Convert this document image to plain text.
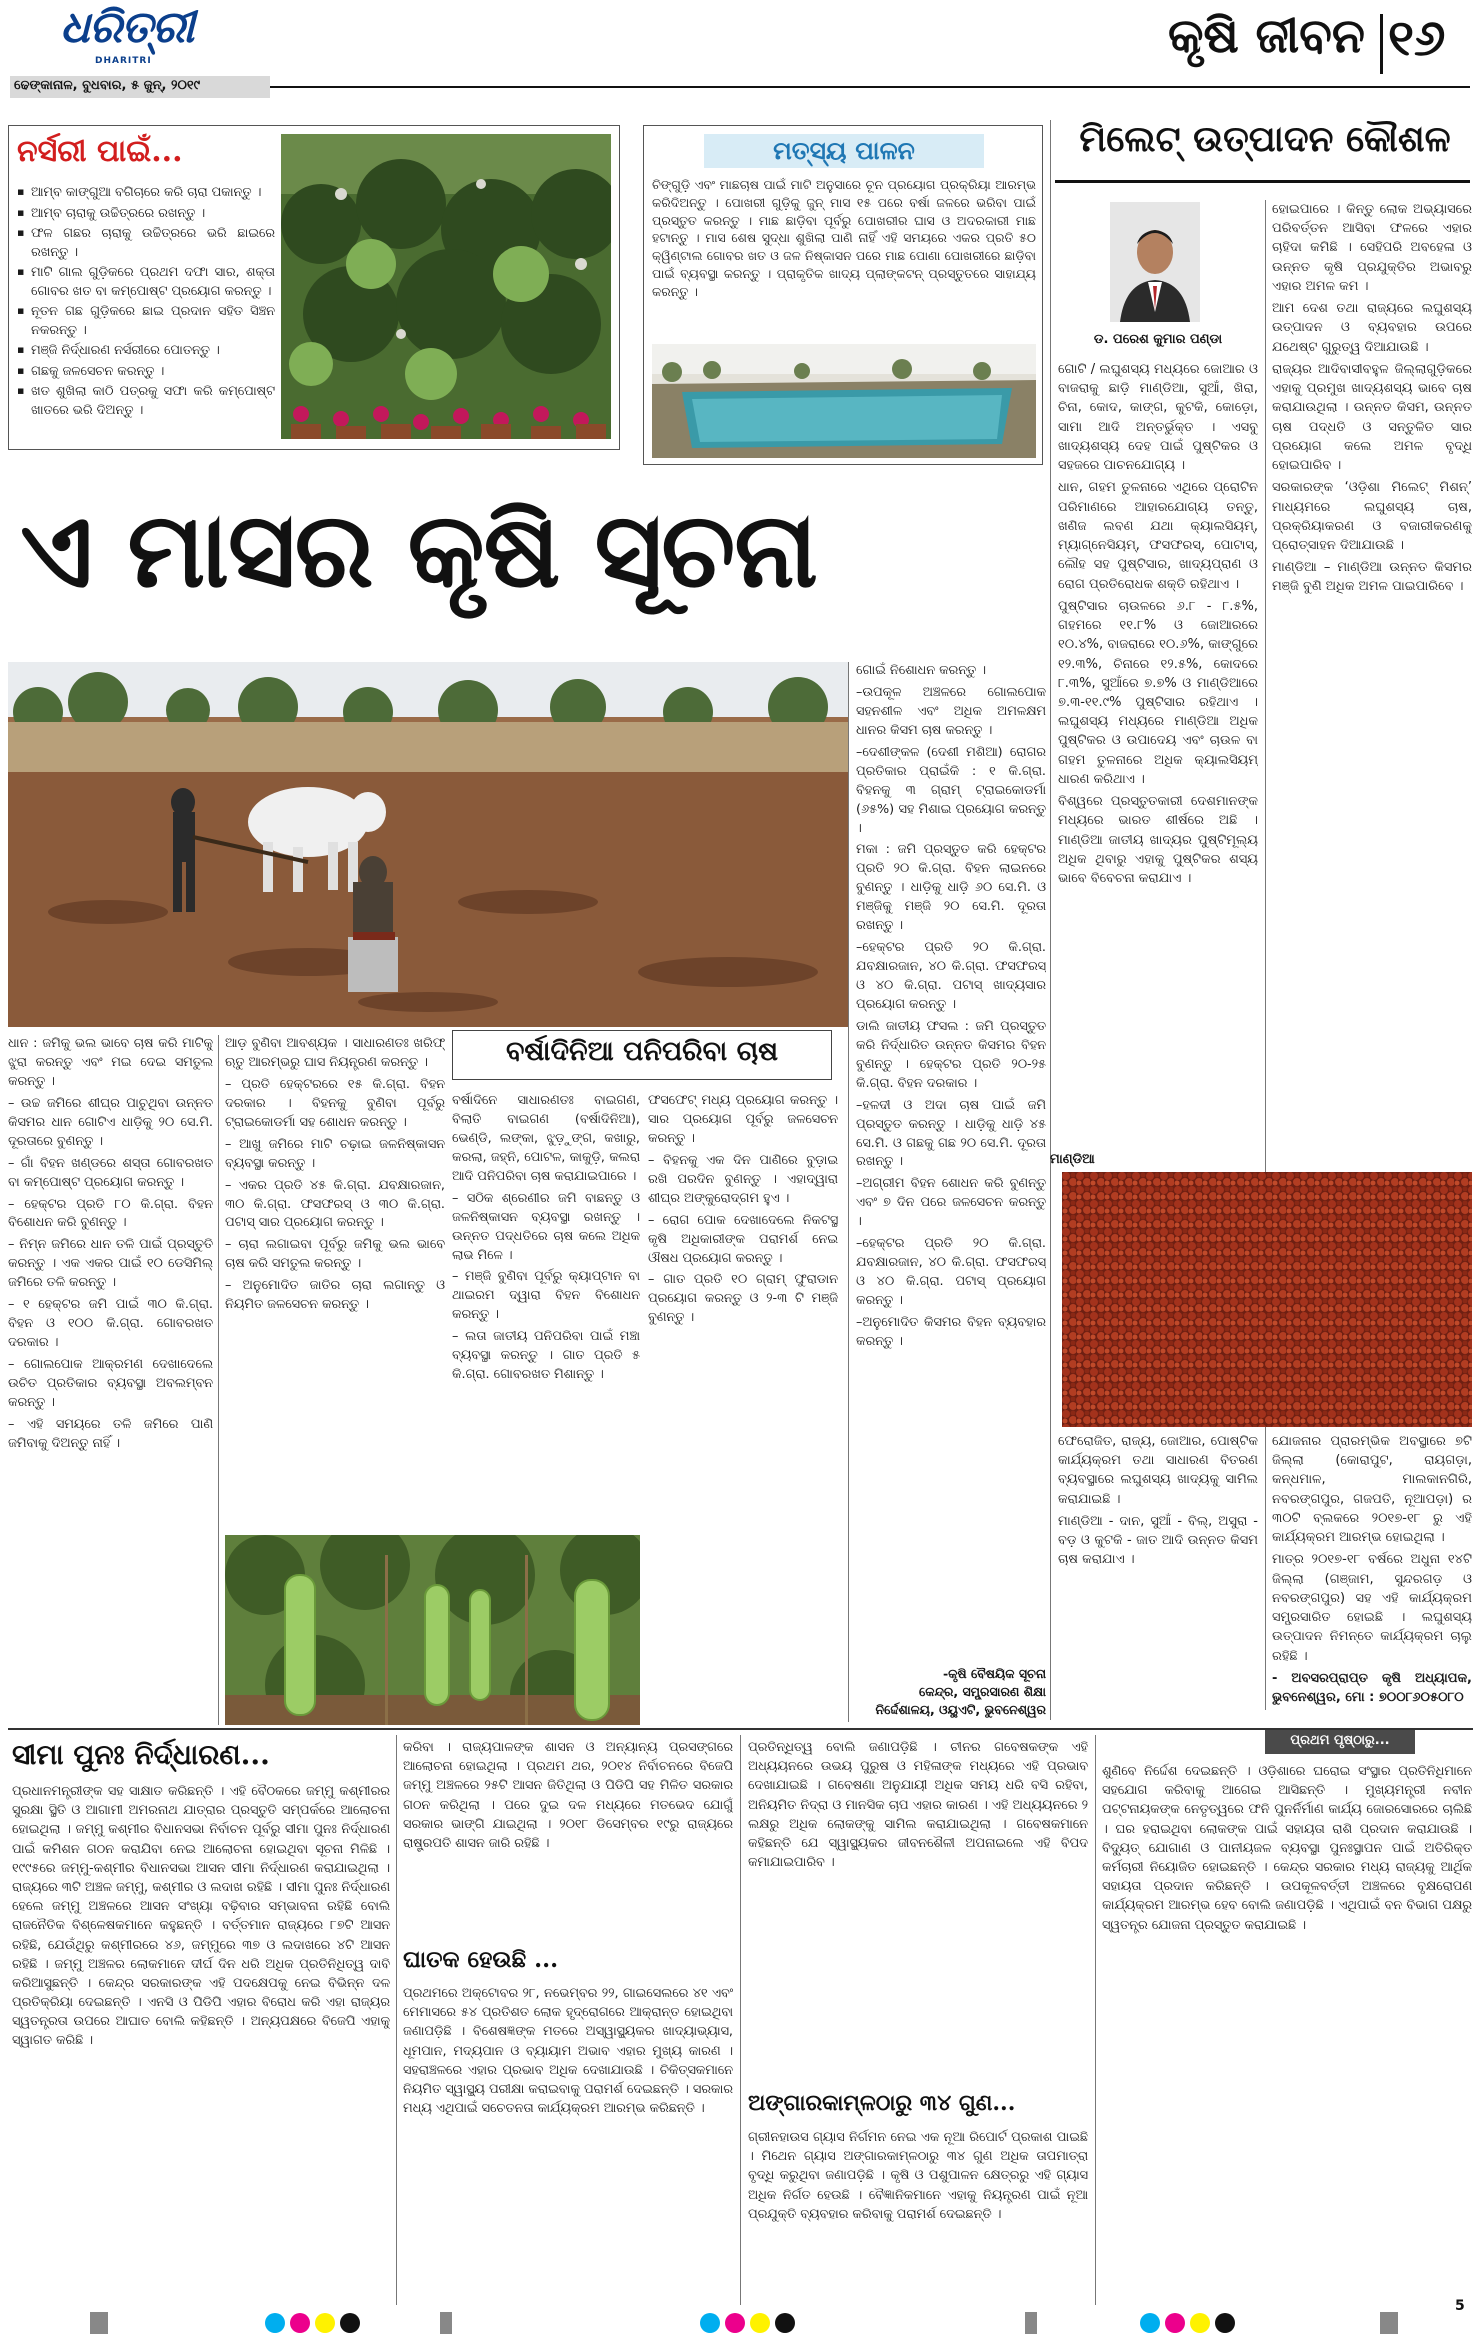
ଧରିତ୍ରୀ
DHARITRI
ଢେଙ୍କାନାଳ, ବୁଧବାର, ୫ ଜୁନ୍, ୨୦୧୯
କୃଷି ଜୀବନ ୧୬
ନର୍ସରୀ ପାଇଁ...
▪ ଆମ୍ବ କାଙ୍ଗୁଆ ବଗିଚାରେ କରି ଚାରା ପକାନ୍ତୁ ।
▪ ଆମ୍ବ ଚାରାକୁ ଉଚ୍ଚିତ୍ରରେ ରଖନ୍ତୁ ।
▪ ଫଳ ଗଛର ଚାରାକୁ ଉଚ୍ଚିତ୍ରରେ ଭରି ଛାଇରେ ରଖନ୍ତୁ ।
▪ ମାଟି ଗାଲ ଗୁଡ଼ିକରେ ପ୍ରଥମ ଦଫା ସାର, ଶକ୍ତା ଗୋବର ଖତ ବା କମ୍ପୋଷ୍ଟ ପ୍ରୟୋଗ କରନ୍ତୁ ।
▪ ନୂତନ ଗଛ ଗୁଡ଼ିକରେ ଛାଇ ପ୍ରଦାନ ସହିତ ସିଞ୍ଚନ ନକରନ୍ତୁ ।
▪ ମଞ୍ଜି ନିର୍ଦ୍ଧାରଣ ନର୍ସରୀରେ ପୋତନ୍ତୁ ।
▪ ଗଛକୁ ଜଳସେଚନ କରନ୍ତୁ ।
▪ ଖତ ଶୁଖିଲା କାଠି ପତ୍ରକୁ ସଫା କରି କମ୍ପୋଷ୍ଟ ଖାତରେ ଭରି ଦିଅନ୍ତୁ ।
ମତ୍ସ୍ୟ ପାଳନ
ଚିଙ୍ଗୁଡ଼ି ଏବଂ ମାଛଚାଷ ପାଇଁ ମାଟି ଅନୁସାରେ ଚୂନ ପ୍ରୟୋଗ ପ୍ରକ୍ରିୟା ଆରମ୍ଭ କରିଦିଅନ୍ତୁ । ପୋଖରୀ ଗୁଡ଼ିକୁ ଜୁନ୍ ମାସ ୧୫ ପରେ ବର୍ଷା ଜଳରେ ଭରିବା ପାଇଁ ପ୍ରସ୍ତୁତ କରନ୍ତୁ । ମାଛ ଛାଡ଼ିବା ପୂର୍ବରୁ ପୋଖରୀର ଘାସ ଓ ଅଦରକାରୀ ମାଛ ହଟାନ୍ତୁ । ମାସ ଶେଷ ସୁଦ୍ଧା ଶୁଖିଲା ପାଣି ନାହିଁ ଏହି ସମୟରେ ଏକର ପ୍ରତି ୫୦ କ୍ୱିଣ୍ଟାଲ ଗୋବର ଖତ ଓ ଜଳ ନିଷ୍କାସନ ପରେ ମାଛ ପୋଣା ପୋଖରୀରେ ଛାଡ଼ିବା ପାଇଁ ବ୍ୟବସ୍ଥା କରନ୍ତୁ । ପ୍ରାକୃତିକ ଖାଦ୍ୟ ପ୍ଲାଙ୍କଟନ୍ ପ୍ରସ୍ତୁତରେ ସାହାଯ୍ୟ କରନ୍ତୁ ।
ମିଲେଟ୍ ଉତ୍ପାଦନ କୌଶଳ
ଡ. ପରେଶ କୁମାର ପଣ୍ଡା

ଗୋଟି / ଲଘୁଶସ୍ୟ ମଧ୍ୟରେ ଜୋଆର ଓ ବାଜରାକୁ ଛାଡ଼ି ମାଣ୍ଡିଆ, ସୁଆଁ, ଖିରା, ଚିନା, କୋଦ, କାଙ୍ଗ, କୁଟକି, କୋଡ଼ୋ, ସାମା ଆଦି ଅନ୍ତର୍ଭୁକ୍ତ । ଏସବୁ ଖାଦ୍ୟଶସ୍ୟ ଦେହ ପାଇଁ ପୁଷ୍ଟିକର ଓ ସହଜରେ ପାଚନଯୋଗ୍ୟ ।

ଧାନ, ଗହମ ତୁଳନାରେ ଏଥିରେ ପ୍ରୋଟିନ ପରିମାଣରେ ଆହାରଯୋଗ୍ୟ ତନ୍ତୁ, ଖଣିଜ ଲବଣ ଯଥା କ୍ୟାଲସିୟମ୍, ମ୍ୟାଗ୍ନେସିୟମ୍, ଫସଫରସ୍, ପୋଟାସ୍, ଲୌହ ସହ ପୁଷ୍ଟିସାର, ଖାଦ୍ୟପ୍ରାଣ ଓ ରୋଗ ପ୍ରତିରୋଧକ ଶକ୍ତି ରହିଥାଏ ।

ପୁଷ୍ଟିସାର ଚାଉଳରେ ୬.୮ - ୮.୫%, ଗହମରେ ୧୧.୮% ଓ ଜୋଆରରେ ୧୦.୪%, ବାଜରାରେ ୧୦.୬%, କାଙ୍ଗୁରେ ୧୨.୩%, ଚିନାରେ ୧୨.୫%, କୋଦରେ ୮.୩%, ସୁଆଁରେ ୭.୭% ଓ ମାଣ୍ଡିଆରେ ୭.୩-୧୧.୯% ପୁଷ୍ଟିସାର ରହିଥାଏ । ଲଘୁଶସ୍ୟ ମଧ୍ୟରେ ମାଣ୍ଡିଆ ଅଧିକ ପୁଷ୍ଟିକର ଓ ଉପାଦେୟ ଏବଂ ଚାଉଳ ବା ଗହମ ତୁଳନାରେ ଅଧିକ କ୍ୟାଲସିୟମ୍ ଧାରଣ କରିଥାଏ ।

ବିଶ୍ୱରେ ପ୍ରସ୍ତୁତକାରୀ ଦେଶମାନଙ୍କ ମଧ୍ୟରେ ଭାରତ ଶୀର୍ଷରେ ଅଛି । ମାଣ୍ଡିଆ ଜାତୀୟ ଖାଦ୍ୟର ପୁଷ୍ଟିମୂଲ୍ୟ ଅଧିକ ଥିବାରୁ ଏହାକୁ ପୁଷ୍ଟିକର ଶସ୍ୟ ଭାବେ ବିବେଚନା କରାଯାଏ ।

ହୋଇପାରେ । କିନ୍ତୁ ଲୋକ ଅଭ୍ୟାସରେ ପରିବର୍ତ୍ତନ ଆସିବା ଫଳରେ ଏହାର ଚାହିଦା କମିଛି । ସେହିପରି ଅବହେଳା ଓ ଉନ୍ନତ କୃଷି ପ୍ରଯୁକ୍ତିର ଅଭାବରୁ ଏହାର ଅମଳ କମ ।

ଆମ ଦେଶ ତଥା ରାଜ୍ୟରେ ଲଘୁଶସ୍ୟ ଉତ୍ପାଦନ ଓ ବ୍ୟବହାର ଉପରେ ଯଥେଷ୍ଟ ଗୁରୁତ୍ୱ ଦିଆଯାଉଛି ।

ରାଜ୍ୟର ଆଦିବାସୀବହୁଳ ଜିଲ୍ଲାଗୁଡ଼ିକରେ ଏହାକୁ ପ୍ରମୁଖ ଖାଦ୍ୟଶସ୍ୟ ଭାବେ ଚାଷ କରାଯାଉଥିଲା । ଉନ୍ନତ କିସମ, ଉନ୍ନତ ଚାଷ ପଦ୍ଧତି ଓ ସନ୍ତୁଳିତ ସାର ପ୍ରୟୋଗ କଲେ ଅମଳ ବୃଦ୍ଧି ହୋଇପାରିବ ।

ସରକାରଙ୍କ ‘ଓଡ଼ିଶା ମିଲେଟ୍ ମିଶନ୍’ ମାଧ୍ୟମରେ ଲଘୁଶସ୍ୟ ଚାଷ, ପ୍ରକ୍ରିୟାକରଣ ଓ ବଜାରୀକରଣକୁ ପ୍ରୋତ୍ସାହନ ଦିଆଯାଉଛି ।

ମାଣ୍ଡିଆ – ମାଣ୍ଡିଆ ଉନ୍ନତ କିସମର ମଞ୍ଜି ବୁଣି ଅଧିକ ଅମଳ ପାଇପାରିବେ ।

ମାଣ୍ଡିଆ

ଫେରୋଜିତ, ରାଜ୍ୟ, ଜୋଆର, ପୋଷ୍ଟିକ କାର୍ଯ୍ୟକ୍ରମ ତଥା ସାଧାରଣ ବିତରଣ ବ୍ୟବସ୍ଥାରେ ଲଘୁଶସ୍ୟ ଖାଦ୍ୟକୁ ସାମିଲ କରାଯାଇଛି ।

ମାଣ୍ଡିଆ - ଦାନ, ସୁଆଁ - ବିଲ୍, ଅସୁରା - ବଡ଼ ଓ କୁଟକି - ଜାତ ଆଦି ଉନ୍ନତ କିସମ ଚାଷ କରାଯାଏ ।

ଯୋଜନାର ପ୍ରାରମ୍ଭିକ ଅବସ୍ଥାରେ ୭ଟି ଜିଲ୍ଲା (କୋରାପୁଟ, ରାୟଗଡ଼ା, କନ୍ଧମାଳ, ମାଲକାନଗିରି, ନବରଙ୍ଗପୁର, ଗଜପତି, ନୂଆପଡ଼ା) ର ୩୦ଟି ବ୍ଲକରେ ୨୦୧୭-୧୮ ରୁ ଏହି କାର୍ଯ୍ୟକ୍ରମ ଆରମ୍ଭ ହୋଇଥିଲା ।

ମାତ୍ର ୨୦୧୭-୧୮ ବର୍ଷରେ ଅଧୁନା ୧୪ଟି ଜିଲ୍ଲା (ଗଞ୍ଜାମ, ସୁନ୍ଦରଗଡ଼ ଓ ନବରଙ୍ଗପୁର) ସହ ଏହି କାର୍ଯ୍ୟକ୍ରମ ସମ୍ପ୍ରସାରିତ ହୋଇଛି । ଲଘୁଶସ୍ୟ ଉତ୍ପାଦନ ନିମନ୍ତେ କାର୍ଯ୍ୟକ୍ରମ ଚାଲୁ ରହିଛି ।

- ଅବସରପ୍ରାପ୍ତ କୃଷି ଅଧ୍ୟାପକ, ଭୁବନେଶ୍ୱର, ମୋ : ୭୦୦୮୬୦୫୦୮୦

ଏ ମାସର କୃଷି ସୂଚନା

ଗୋଇଁ ନିଶୋଧନ କରନ୍ତୁ ।

–ଉପକୂଳ ଅଞ୍ଚଳରେ ଗୋଲପୋକ ସହନଶୀଳ ଏବଂ ଅଧିକ ଅମଳକ୍ଷମ ଧାନର କିସମ ଚାଷ କରନ୍ତୁ ।

–ଦେଶୀଙ୍କଳ (ଦେଶୀ ମଶିଆ) ରୋଗର ପ୍ରତିକାର ପ୍ରାଇଁକି : ୧ କି.ଗ୍ରା. ବିହନକୁ ୩ ଗ୍ରାମ୍ ଟ୍ରାଇକୋଡର୍ମା (୬୫%) ସହ ମିଶାଇ ପ୍ରୟୋଗ କରନ୍ତୁ ।

ମକା : ଜମି ପ୍ରସ୍ତୁତ କରି ହେକ୍ଟର ପ୍ରତି ୨୦ କି.ଗ୍ରା. ବିହନ ଲାଇନରେ ବୁଣନ୍ତୁ । ଧାଡ଼ିକୁ ଧାଡ଼ି ୬୦ ସେ.ମି. ଓ ମଞ୍ଜିକୁ ମଞ୍ଜି ୨୦ ସେ.ମି. ଦୂରତା ରଖନ୍ତୁ ।

–ହେକ୍ଟର ପ୍ରତି ୨୦ କି.ଗ୍ରା. ଯବକ୍ଷାରଜାନ, ୪୦ କି.ଗ୍ରା. ଫସଫରସ୍ ଓ ୪୦ କି.ଗ୍ରା. ପଟାସ୍ ଖାଦ୍ୟସାର ପ୍ରୟୋଗ କରନ୍ତୁ ।

ଡାଲି ଜାତୀୟ ଫସଲ : ଜମି ପ୍ରସ୍ତୁତ କରି ନିର୍ଦ୍ଧାରିତ ଉନ୍ନତ କିସମର ବିହନ ବୁଣନ୍ତୁ । ହେକ୍ଟର ପ୍ରତି ୨୦-୨୫ କି.ଗ୍ରା. ବିହନ ଦରକାର ।

–ହଳଦୀ ଓ ଅଦା ଚାଷ ପାଇଁ ଜମି ପ୍ରସ୍ତୁତ କରନ୍ତୁ । ଧାଡ଼ିକୁ ଧାଡ଼ି ୪୫ ସେ.ମି. ଓ ଗଛକୁ ଗଛ ୨୦ ସେ.ମି. ଦୂରତା ରଖନ୍ତୁ ।

–ଅଗ୍ରୀମ ବିହନ ଶୋଧନ କରି ବୁଣନ୍ତୁ ଏବଂ ୭ ଦିନ ପରେ ଜଳସେଚନ କରନ୍ତୁ ।

–ହେକ୍ଟର ପ୍ରତି ୨୦ କି.ଗ୍ରା. ଯବକ୍ଷାରଜାନ, ୪୦ କି.ଗ୍ରା. ଫସଫରସ୍ ଓ ୪୦ କି.ଗ୍ରା. ପଟାସ୍ ପ୍ରୟୋଗ କରନ୍ତୁ ।

–ଅନୁମୋଦିତ କିସମର ବିହନ ବ୍ୟବହାର କରନ୍ତୁ ।

-କୃଷି ବୈଷୟିକ ସୂଚନା
କେନ୍ଦ୍ର, ସମ୍ପ୍ରସାରଣ ଶିକ୍ଷା ନିର୍ଦ୍ଦେଶାଳୟ, ଓୟୁଏଟି, ଭୁବନେଶ୍ୱର

ଧାନ : ଜମିକୁ ଭଲ ଭାବେ ଚାଷ କରି ମାଟିକୁ ଝୁରା କରନ୍ତୁ ଏବଂ ମଇ ଦେଇ ସମତୁଲ କରନ୍ତୁ ।

– ଉଚ୍ଚ ଜମିରେ ଶୀଘ୍ର ପାଚୁଥିବା ଉନ୍ନତ କିସମର ଧାନ ଗୋଟିଏ ଧାଡ଼ିକୁ ୨୦ ସେ.ମି. ଦୂରତାରେ ବୁଣନ୍ତୁ ।

– ଗାଁ ବିହନ ଖଣ୍ଡରେ ଶସ୍ତା ଗୋବରଖତ ବା କମ୍ପୋଷ୍ଟ ପ୍ରୟୋଗ କରନ୍ତୁ ।

– ହେକ୍ଟର ପ୍ରତି ୮୦ କି.ଗ୍ରା. ବିହନ ବିଶୋଧନ କରି ବୁଣନ୍ତୁ ।

– ନିମ୍ନ ଜମିରେ ଧାନ ତଳି ପାଇଁ ପ୍ରସ୍ତୁତି କରନ୍ତୁ । ଏକ ଏକର ପାଇଁ ୧୦ ଡେସିମିଲ୍ ଜମିରେ ତଳି କରନ୍ତୁ ।

– ୧ ହେକ୍ଟର ଜମି ପାଇଁ ୩୦ କି.ଗ୍ରା. ବିହନ ଓ ୧୦୦ କି.ଗ୍ରା. ଗୋବରଖତ ଦରକାର ।

– ଗୋଲପୋକ ଆକ୍ରମଣ ଦେଖାଦେଲେ ଉଚିତ ପ୍ରତିକାର ବ୍ୟବସ୍ଥା ଅବଲମ୍ବନ କରନ୍ତୁ ।

– ଏହି ସମୟରେ ତଳି ଜମିରେ ପାଣି ଜମିବାକୁ ଦିଅନ୍ତୁ ନାହିଁ ।

ଆଡ଼ ବୁଣିବା ଆବଶ୍ୟକ । ସାଧାରଣତଃ ଖରିଫ୍ ଋତୁ ଆରମ୍ଭରୁ ଘାସ ନିୟନ୍ତ୍ରଣ କରନ୍ତୁ ।

– ପ୍ରତି ହେକ୍ଟରରେ ୧୫ କି.ଗ୍ରା. ବିହନ ଦରକାର । ବିହନକୁ ବୁଣିବା ପୂର୍ବରୁ ଟ୍ରାଇକୋଡର୍ମା ସହ ଶୋଧନ କରନ୍ତୁ ।

– ଆଖୁ ଜମିରେ ମାଟି ଚଢ଼ାଇ ଜଳନିଷ୍କାସନ ବ୍ୟବସ୍ଥା କରନ୍ତୁ ।

– ଏକର ପ୍ରତି ୪୫ କି.ଗ୍ରା. ଯବକ୍ଷାରଜାନ, ୩୦ କି.ଗ୍ରା. ଫସଫରସ୍ ଓ ୩୦ କି.ଗ୍ରା. ପଟାସ୍ ସାର ପ୍ରୟୋଗ କରନ୍ତୁ ।

– ଚାରା ଲଗାଇବା ପୂର୍ବରୁ ଜମିକୁ ଭଲ ଭାବେ ଚାଷ କରି ସମତୁଲ କରନ୍ତୁ ।

– ଅନୁମୋଦିତ ଜାତିର ଚାରା ଲଗାନ୍ତୁ ଓ ନିୟମିତ ଜଳସେଚନ କରନ୍ତୁ ।

ବର୍ଷାଦିନିଆ ପନିପରିବା ଚାଷ

ବର୍ଷାଦିନେ ସାଧାରଣତଃ ବାଇଗଣ, ବିଲାତି ବାଇଗଣ (ବର୍ଷାଦିନିଆ), ଭେଣ୍ଡି, ଲଙ୍କା, ଝୁଡ଼ୁଙ୍ଗ, କଖାରୁ, କରଲା, ଜହ୍ନି, ପୋଟଳ, କାକୁଡ଼ି, କଲରା ଆଦି ପନିପରିବା ଚାଷ କରାଯାଇପାରେ ।

– ସଠିକ ଶ୍ରେଣୀର ଜମି ବାଛନ୍ତୁ ଓ ଜଳନିଷ୍କାସନ ବ୍ୟବସ୍ଥା ରଖନ୍ତୁ । ଉନ୍ନତ ପଦ୍ଧତିରେ ଚାଷ କଲେ ଅଧିକ ଲାଭ ମିଳେ ।

– ମଞ୍ଜି ବୁଣିବା ପୂର୍ବରୁ କ୍ୟାପ୍ଟାନ ବା ଥାଇରମ ଦ୍ୱାରା ବିହନ ବିଶୋଧନ କରନ୍ତୁ ।

– ଲତା ଜାତୀୟ ପନିପରିବା ପାଇଁ ମଞ୍ଚା ବ୍ୟବସ୍ଥା କରନ୍ତୁ । ଗାତ ପ୍ରତି ୫ କି.ଗ୍ରା. ଗୋବରଖତ ମିଶାନ୍ତୁ ।

ଫସଫେଟ୍ ମଧ୍ୟ ପ୍ରୟୋଗ କରନ୍ତୁ । ସାର ପ୍ରୟୋଗ ପୂର୍ବରୁ ଜଳସେଚନ କରନ୍ତୁ ।

– ବିହନକୁ ଏକ ଦିନ ପାଣିରେ ବୁଡ଼ାଇ ରଖି ପରଦିନ ବୁଣନ୍ତୁ । ଏହାଦ୍ୱାରା ଶୀଘ୍ର ଅଙ୍କୁରୋଦ୍ଗମ ହୁଏ ।

– ରୋଗ ପୋକ ଦେଖାଦେଲେ ନିକଟସ୍ଥ କୃଷି ଅଧିକାରୀଙ୍କ ପରାମର୍ଶ ନେଇ ଔଷଧ ପ୍ରୟୋଗ କରନ୍ତୁ ।

– ଗାତ ପ୍ରତି ୧୦ ଗ୍ରାମ୍ ଫୁରାଡାନ ପ୍ରୟୋଗ କରନ୍ତୁ ଓ ୨-୩ ଟି ମଞ୍ଜି ବୁଣନ୍ତୁ ।

ସୀମା ପୁନଃ ନିର୍ଦ୍ଧାରଣ...
ପ୍ରଧାନମନ୍ତ୍ରୀଙ୍କ ସହ ସାକ୍ଷାତ କରିଛନ୍ତି । ଏହି ବୈଠକରେ ଜମ୍ମୁ କଶ୍ମୀରର ସୁରକ୍ଷା ସ୍ଥିତି ଓ ଆଗାମୀ ଅମରନାଥ ଯାତ୍ରାର ପ୍ରସ୍ତୁତି ସମ୍ପର୍କରେ ଆଲୋଚନା ହୋଇଥିଲା । ଜମ୍ମୁ କଶ୍ମୀର ବିଧାନସଭା ନିର୍ବାଚନ ପୂର୍ବରୁ ସୀମା ପୁନଃ ନିର୍ଦ୍ଧାରଣ ପାଇଁ କମିଶନ ଗଠନ କରାଯିବା ନେଇ ଆଲୋଚନା ହୋଇଥିବା ସୂଚନା ମିଳିଛି । ୧୯୯୫ରେ ଜମ୍ମୁ-କଶ୍ମୀର ବିଧାନସଭା ଆସନ ସୀମା ନିର୍ଦ୍ଧାରଣ କରାଯାଇଥିଲା । ରାଜ୍ୟରେ ୩ଟି ଅଞ୍ଚଳ ଜମ୍ମୁ, କଶ୍ମୀର ଓ ଲଦାଖ ରହିଛି । ସୀମା ପୁନଃ ନିର୍ଦ୍ଧାରଣ ହେଲେ ଜମ୍ମୁ ଅଞ୍ଚଳରେ ଆସନ ସଂଖ୍ୟା ବଢ଼ିବାର ସମ୍ଭାବନା ରହିଛି ବୋଲି ରାଜନୈତିକ ବିଶ୍ଳେଷକମାନେ କହୁଛନ୍ତି । ବର୍ତ୍ତମାନ ରାଜ୍ୟରେ ୮୭ଟି ଆସନ ରହିଛି, ଯେଉଁଥିରୁ କଶ୍ମୀରରେ ୪୬, ଜମ୍ମୁରେ ୩୭ ଓ ଲଦାଖରେ ୪ଟି ଆସନ ରହିଛି । ଜମ୍ମୁ ଅଞ୍ଚଳର ଲୋକମାନେ ଦୀର୍ଘ ଦିନ ଧରି ଅଧିକ ପ୍ରତିନିଧିତ୍ୱ ଦାବି କରିଆସୁଛନ୍ତି । କେନ୍ଦ୍ର ସରକାରଙ୍କ ଏହି ପଦକ୍ଷେପକୁ ନେଇ ବିଭିନ୍ନ ଦଳ ପ୍ରତିକ୍ରିୟା ଦେଇଛନ୍ତି । ଏନସି ଓ ପିଡିପି ଏହାର ବିରୋଧ କରି ଏହା ରାଜ୍ୟର ସ୍ୱତନ୍ତ୍ରତା ଉପରେ ଆଘାତ ବୋଲି କହିଛନ୍ତି । ଅନ୍ୟପକ୍ଷରେ ବିଜେପି ଏହାକୁ ସ୍ୱାଗତ କରିଛି ।
କରିବା । ରାଜ୍ୟପାଳଙ୍କ ଶାସନ ଓ ଅନ୍ୟାନ୍ୟ ପ୍ରସଙ୍ଗରେ ଆଲୋଚନା ହୋଇଥିଲା । ପ୍ରଥମ ଥର, ୨୦୧୪ ନିର୍ବାଚନରେ ବିଜେପି ଜମ୍ମୁ ଅଞ୍ଚଳରେ ୨୫ଟି ଆସନ ଜିତିଥିଲା ଓ ପିଡିପି ସହ ମିଳିତ ସରକାର ଗଠନ କରିଥିଲା । ପରେ ଦୁଇ ଦଳ ମଧ୍ୟରେ ମତଭେଦ ଯୋଗୁଁ ସରକାର ଭାଙ୍ଗି ଯାଇଥିଲା । ୨୦୧୮ ଡିସେମ୍ବର ୧୯ରୁ ରାଜ୍ୟରେ ରାଷ୍ଟ୍ରପତି ଶାସନ ଜାରି ରହିଛି ।
ଘାତକ ହେଉଛି ...
ପ୍ରଥମରେ ଅକ୍ଟୋବର ୨୮, ନଭେମ୍ବର ୨୨, ଗାଇସେଲରେ ୪୧ ଏବଂ ମେମାସରେ ୫୪ ପ୍ରତିଶତ ଲୋକ ହୃଦ୍‌ରୋଗରେ ଆକ୍ରାନ୍ତ ହୋଇଥିବା ଜଣାପଡ଼ିଛି । ବିଶେଷଜ୍ଞଙ୍କ ମତରେ ଅସ୍ୱାସ୍ଥ୍ୟକର ଖାଦ୍ୟାଭ୍ୟାସ, ଧୂମପାନ, ମଦ୍ୟପାନ ଓ ବ୍ୟାୟାମ ଅଭାବ ଏହାର ମୁଖ୍ୟ କାରଣ । ସହରାଞ୍ଚଳରେ ଏହାର ପ୍ରଭାବ ଅଧିକ ଦେଖାଯାଉଛି । ଚିକିତ୍ସକମାନେ ନିୟମିତ ସ୍ୱାସ୍ଥ୍ୟ ପରୀକ୍ଷା କରାଇବାକୁ ପରାମର୍ଶ ଦେଇଛନ୍ତି । ସରକାର ମଧ୍ୟ ଏଥିପାଇଁ ସଚେତନତା କାର୍ଯ୍ୟକ୍ରମ ଆରମ୍ଭ କରିଛନ୍ତି ।
ପ୍ରତିନ୍ଧିତ୍ୱ ବୋଲି ଜଣାପଡ଼ିଛି । ଚୀନର ଗବେଷକଙ୍କ ଏହି ଅଧ୍ୟୟନରେ ଉଭୟ ପୁରୁଷ ଓ ମହିଳାଙ୍କ ମଧ୍ୟରେ ଏହି ପ୍ରଭାବ ଦେଖାଯାଇଛି । ଗବେଷଣା ଅନୁଯାୟୀ ଅଧିକ ସମୟ ଧରି ବସି ରହିବା, ଅନିୟମିତ ନିଦ୍ରା ଓ ମାନସିକ ଚାପ ଏହାର କାରଣ । ଏହି ଅଧ୍ୟୟନରେ ୨ ଲକ୍ଷରୁ ଅଧିକ ଲୋକଙ୍କୁ ସାମିଲ କରାଯାଇଥିଲା । ଗବେଷକମାନେ କହିଛନ୍ତି ଯେ ସ୍ୱାସ୍ଥ୍ୟକର ଜୀବନଶୈଳୀ ଅପନାଇଲେ ଏହି ବିପଦ କମାଯାଇପାରିବ ।
ଅଙ୍ଗାରକାମ୍ଳଠାରୁ ୩୪ ଗୁଣ...
ଗ୍ରୀନହାଉସ ଗ୍ୟାସ ନିର୍ଗମନ ନେଇ ଏକ ନୂଆ ରିପୋର୍ଟ ପ୍ରକାଶ ପାଇଛି । ମିଥେନ ଗ୍ୟାସ ଅଙ୍ଗାରକାମ୍ଳଠାରୁ ୩୪ ଗୁଣ ଅଧିକ ତାପମାତ୍ରା ବୃଦ୍ଧି କରୁଥିବା ଜଣାପଡ଼ିଛି । କୃଷି ଓ ପଶୁପାଳନ କ୍ଷେତ୍ରରୁ ଏହି ଗ୍ୟାସ ଅଧିକ ନିର୍ଗତ ହେଉଛି । ବୈଜ୍ଞାନିକମାନେ ଏହାକୁ ନିୟନ୍ତ୍ରଣ ପାଇଁ ନୂଆ ପ୍ରଯୁକ୍ତି ବ୍ୟବହାର କରିବାକୁ ପରାମର୍ଶ ଦେଇଛନ୍ତି ।
ପ୍ରଥମ ପୃଷ୍ଠାରୁ...
ଶୁଣିବେ ନିର୍ଦ୍ଦେଶ ଦେଇଛନ୍ତି । ଓଡ଼ିଶାରେ ଘରୋଇ ସଂସ୍ଥାର ପ୍ରତିନିଧିମାନେ ସହଯୋଗ କରିବାକୁ ଆଗେଇ ଆସିଛନ୍ତି । ମୁଖ୍ୟମନ୍ତ୍ରୀ ନବୀନ ପଟ୍ଟନାୟକଙ୍କ ନେତୃତ୍ୱରେ ଫନି ପୁନର୍ନିର୍ମାଣ କାର୍ଯ୍ୟ ଜୋରସୋରରେ ଚାଲିଛି । ଘର ହରାଇଥିବା ଲୋକଙ୍କ ପାଇଁ ସହାୟତା ରାଶି ପ୍ରଦାନ କରାଯାଉଛି । ବିଦ୍ୟୁତ୍ ଯୋଗାଣ ଓ ପାନୀୟଜଳ ବ୍ୟବସ୍ଥା ପୁନଃସ୍ଥାପନ ପାଇଁ ଅତିରିକ୍ତ କର୍ମଚାରୀ ନିୟୋଜିତ ହୋଇଛନ୍ତି । କେନ୍ଦ୍ର ସରକାର ମଧ୍ୟ ରାଜ୍ୟକୁ ଆର୍ଥିକ ସହାୟତା ପ୍ରଦାନ କରିଛନ୍ତି । ଉପକୂଳବର୍ତ୍ତୀ ଅଞ୍ଚଳରେ ବୃକ୍ଷରୋପଣ କାର୍ଯ୍ୟକ୍ରମ ଆରମ୍ଭ ହେବ ବୋଲି ଜଣାପଡ଼ିଛି । ଏଥିପାଇଁ ବନ ବିଭାଗ ପକ୍ଷରୁ ସ୍ୱତନ୍ତ୍ର ଯୋଜନା ପ୍ରସ୍ତୁତ କରାଯାଇଛି ।
5
